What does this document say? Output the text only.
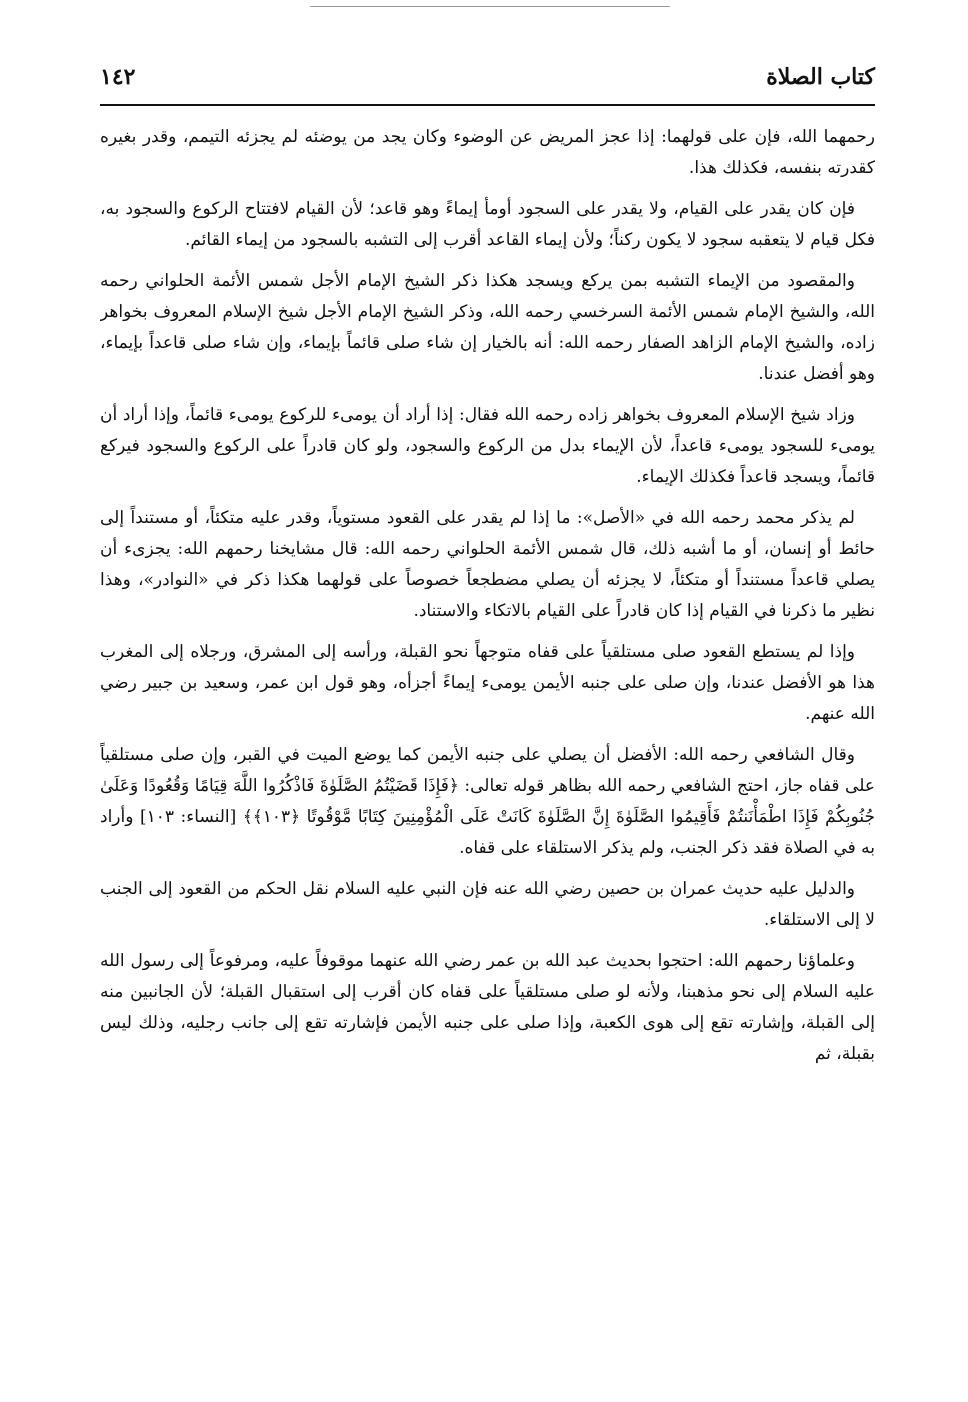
كتاب الصلاة
١٤٢

رحمهما الله، فإن على قولهما: إذا عجز المريض عن الوضوء وكان يجد من يوضئه لم يجزئه التيمم، وقدر بغيره كقدرته بنفسه، فكذلك هذا.

فإن كان يقدر على القيام، ولا يقدر على السجود أومأ إيماءً وهو قاعد؛ لأن القيام لافتتاح الركوع والسجود به، فكل قيام لا يتعقبه سجود لا يكون ركناً؛ ولأن إيماء القاعد أقرب إلى التشبه بالسجود من إيماء القائم.

والمقصود من الإيماء التشبه بمن يركع ويسجد هكذا ذكر الشيخ الإمام الأجل شمس الأئمة الحلواني رحمه الله، والشيخ الإمام شمس الأئمة السرخسي رحمه الله، وذكر الشيخ الإمام الأجل شيخ الإسلام المعروف بخواهر زاده، والشيخ الإمام الزاهد الصفار رحمه الله: أنه بالخيار إن شاء صلى قائماً بإيماء، وإن شاء صلى قاعداً بإيماء، وهو أفضل عندنا.

وزاد شيخ الإسلام المعروف بخواهر زاده رحمه الله فقال: إذا أراد أن يومىء للركوع يومىء قائماً، وإذا أراد أن يومىء للسجود يومىء قاعداً، لأن الإيماء بدل من الركوع والسجود، ولو كان قادراً على الركوع والسجود فيركع قائماً، ويسجد قاعداً فكذلك الإيماء.

لم يذكر محمد رحمه الله في «الأصل»: ما إذا لم يقدر على القعود مستوياً، وقدر عليه متكئاً، أو مستنداً إلى حائط أو إنسان، أو ما أشبه ذلك، قال شمس الأئمة الحلواني رحمه الله: قال مشايخنا رحمهم الله: يجزىء أن يصلي قاعداً مستنداً أو متكئاً، لا يجزئه أن يصلي مضطجعاً خصوصاً على قولهما هكذا ذكر في «النوادر»، وهذا نظير ما ذكرنا في القيام إذا كان قادراً على القيام بالاتكاء والاستناد.

وإذا لم يستطع القعود صلى مستلقياً على قفاه متوجهاً نحو القبلة، ورأسه إلى المشرق، ورجلاه إلى المغرب هذا هو الأفضل عندنا، وإن صلى على جنبه الأيمن يومىء إيماءً أجزأه، وهو قول ابن عمر، وسعيد بن جبير رضي الله عنهم.

وقال الشافعي رحمه الله: الأفضل أن يصلي على جنبه الأيمن كما يوضع الميت في القبر، وإن صلى مستلقياً على قفاه جاز، احتج الشافعي رحمه الله بظاهر قوله تعالى: ﴿فَإِذَا قَضَيْتُمُ الصَّلَوٰةَ فَاذْكُرُوا اللَّهَ قِيَامًا وَقُعُودًا وَعَلَىٰ جُنُوبِكُمْ فَإِذَا اطْمَأْنَنتُمْ فَأَقِيمُوا الصَّلَوٰةَ إِنَّ الصَّلَوٰةَ كَانَتْ عَلَى الْمُؤْمِنِينَ كِتَابًا مَّوْقُوتًا ﴿١٠٣﴾﴾ [النساء: ١٠٣] وأراد به في الصلاة فقد ذكر الجنب، ولم يذكر الاستلقاء على قفاه.

والدليل عليه حديث عمران بن حصين رضي الله عنه فإن النبي عليه السلام نقل الحكم من القعود إلى الجنب لا إلى الاستلقاء.

وعلماؤنا رحمهم الله: احتجوا بحديث عبد الله بن عمر رضي الله عنهما موقوفاً عليه، ومرفوعاً إلى رسول الله عليه السلام إلى نحو مذهبنا، ولأنه لو صلى مستلقياً على قفاه كان أقرب إلى استقبال القبلة؛ لأن الجانبين منه إلى القبلة، وإشارته تقع إلى هوى الكعبة، وإذا صلى على جنبه الأيمن فإشارته تقع إلى جانب رجليه، وذلك ليس بقبلة، ثم
